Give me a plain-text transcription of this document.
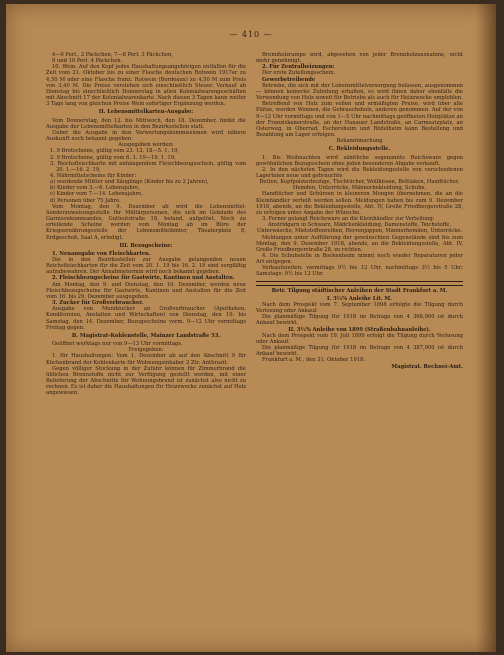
— 410 —

4—6 Perl., 2 Päckchen, 7—8 Perl. 3 Päckchen,

9 und 10 Perl. 4 Päckchen.

10. Wein. Auf den Kopf jedes Haushaltungsangehörigen entfallen für die Zeit vom 21. Oktober bis zu einer Flasche deutschen Rotwein 1917er zu 4,50 M oder eine Flasche franz. Rotwein (Bordeaux) zu 4,50 M zum Preis von 3,40 M. Die Preise verstehen sich einschließlich Steuer. Verkauf ab Dienstag bis einschließlich Donnerstag in allen Kolonialwarengeschäften mit Abschnitt 17 der Kolonialwarenkarte. Nach diesen 3 Tagen kann weiter 3 Tage lang von gleichen Preise Wein sofortiger Ergänzung werden.

II. Lebensmittelkarten-Ausgabe:

Vom Donnerstag, den 12. bis Mittwoch, den 18. Dezember, findet die Ausgabe der Lebensmittelkarten in den Bezirksstellen statt.

Ueber die Ausgabe in den Verwertungskommissionen wird nähere Auskunft noch bekannt gegeben.

Ausgegeben werden:

1. 9 Brotscheine, gültig vom 23. 12. 18—5. 1. 19,

2. 9 Brotscheine, gültig vom 6. 1. 19—19. 1. 19,

3. Reichsfleischkarte mit anhängendem Fleischbezugsschein, gültig vom 20. 1.—16. 2. 19,

4. Nährmittelscheine für Kinder:

a) werdende Mütter und Säuglinge (Kinder bis zu 2 Jahren),

b) Kinder vom 3.—6. Lebensjahre,

c) Kinder vom 7.—14. Lebensjahre,

d) Personen über 75 Jahre.

Vom Montag, den 9. Dezember ab wird die Lebensmittel-Sonderzuweisungsstelle für Militärpersonen, die sich im Gebäude des Garnisonkommandos, Gutleutstraße 18, befand, aufgelöst. Noch zu erteilende Scheine werden vom Montag ab im Büro der Kriegsernährungsstelle der Lebensmittelämter, Theaterplatz 8, Erdgeschoß, Saal A, erledigt.

III. Bezugscheine:

1. Neuausgabe von Fleischkarten.

Die in den Bezirksstellen zur Ausgabe gelangenden neuen Reichsfleischkarten für die Zeit vom 20. 1. 19 bis 16. 2. 19 sind sorgfältig aufzubewahren. Der Annahmetermin wird noch bekannt gegeben.

2. Fleischbezugscheine für Gastwirte, Kantinen und Anstalten.

Am Montag, den 9. und Dienstag, den 10. Dezember, werden neue Fleischbezugscheine für Gastwirte, Kantinen und Anstalten für die Zeit vom 16. bis 29. Dezember ausgegeben.

3. Zucker für Großverbraucher.

Ausgabe von Mundzucker an Großverbraucher (Apotheken, Konditoreien, Anstalten und Wirtschaften) von Dienstag, den 10. bis Samstag, den 14. Dezember, Bezugsscheine vorm. 9—12 Uhr vormittags Freitag gegen.

B. Magistrat-Kohlenstelle, Mainzer Landstraße 53.

Geöffnet werktags nur von 9—13 Uhr vormittags.

Freigegeben:

1. für Haushaltungen: Vom 1. Dezember ab auf den Abschnitt 9 für Küchenbrand der Kohlenkarte für Wohnungsinhaber 2 Ztr. Anthrazit.

Gegen völliger Stockung in der Zufuhr können für Zimmerbrand die üblichen Brennstoffe nicht zur Verfügung gestellt werden, mit einer Belieferung der Abschnitte für Wohnungsbrand ist zunächst also nicht zu rechnen. Es ist daher die Haushaltungen für Heizzwecke zunächst auf Holz angewiesen.

Brennholzrampe wird, abgesehen von jeder Brennholzausnahme, nicht mehr genehmigt.

2. Für Zentralheizungen:

Der erste Zuteilungsschein.

Gewerbetreibende

Betriebe, die sich mit der Lebensmittelversorgung befassen, ausgenommen — können keinerlei Zuteilung erhalten, es wird ihnen daher ebenfalls die Verwendung von Holz soweit für Betriebe als auch für Heizzwecke empfohlen.

Betreffend von Holz zum vollen und ermäßigten Preise, wird über alle Plätze, werden Wonnen, die Gebrauchsholz, anderen genommen. Auf der von 9—12 Uhr vormittags und von 1—5 Uhr nachmittags geöffneten Holzplätze an der Franziskanerstraße, an der Hanauer Landstraße, an Carmsatzplatz, an Osterweg, in Oberrad, Eschersheim und Rödelheim kann Bestellung und Bezahlung am Lager erfolgen.

Bekanntmachung

C. Bekleidungsstelle.

1. Bis Weihnachten wird sämtliche sogenannte Reichsware gegen gewöhnlichen Bezugsschein ohne jeden besonderen Abgabe verkauft.

2. In den nächsten Tagen wird die Bekleidungsstelle von verschiedenen Lagerteien neue und gebrauchte

Betten, Kopfpolsterbezüge, Tischtücher, Wollkissen, Bettlaken, Handtücher, Hemden, Unterröcke, Männerbekleidung, Schuhe,

Handtücher und Schürzen in kleineren Mengen übernehmen, die an die Kleinhändler verteilt werden sollen. Meldungen haben bis zum 9. Dezember 1918, abends, an die Bekleidungsstelle, Abt. IV, Große Friedbergerstraße 28, zu erfolgen unter Angabe der Wünsche.

3. Ferner gelangt Reichsware an die Kleinhändler zur Verteilung:

Anstridgarn in Schwarz, Mädchenkleidung, Damenstoffe, Teichstoffe, Unterwäsche, Mietstoffenreihen, Herrenjoppen, Männerhemden, Unterröcke.

Meldungen unter Aufführung der gewünschten Gegenstände sind bis zum Montag, den 9. Dezember 1918, abends, an die Bekleidungsstelle, Abt. IV, Große Friedbergerstraße 28, zu richten.

4. Die Schuhstelle in Bockenheim nimmt noch wieder Reparaturen jeder Art entgegen.

Verkaufszeiten: vormittags 9½ bis 12 Uhr, nachmittags 3½ bis 5 Uhr; Samstags: 9½ bis 12 Uhr.

Betr. Tilgung städtischer Anleihen der Stadt Frankfurt a. M.

I. 3½% Anleihe Lit. M.

Nach dem Prospekt vom 7. September 1898 erfolgte die Tilgung durch Verlosung oder Ankauf.

Die planmäßige Tilgung für 1918 im Betrage von 4 368,900 ist durch Ankauf bewirkt.

II. 3½% Anleihe von 1899 (Straßenbahnanleihe).

Nach dem Prospekt vom 19. Juli 1899 erfolgt die Tilgung durch Verlosung oder Ankauf.

Die planmäßige Tilgung für 1918 im Betrage von 4 387,900 ist durch Ankauf bewirkt.

Frankfurt a. M., den 31. Oktober 1918.

Magistrat. Rechnei-Amt.
